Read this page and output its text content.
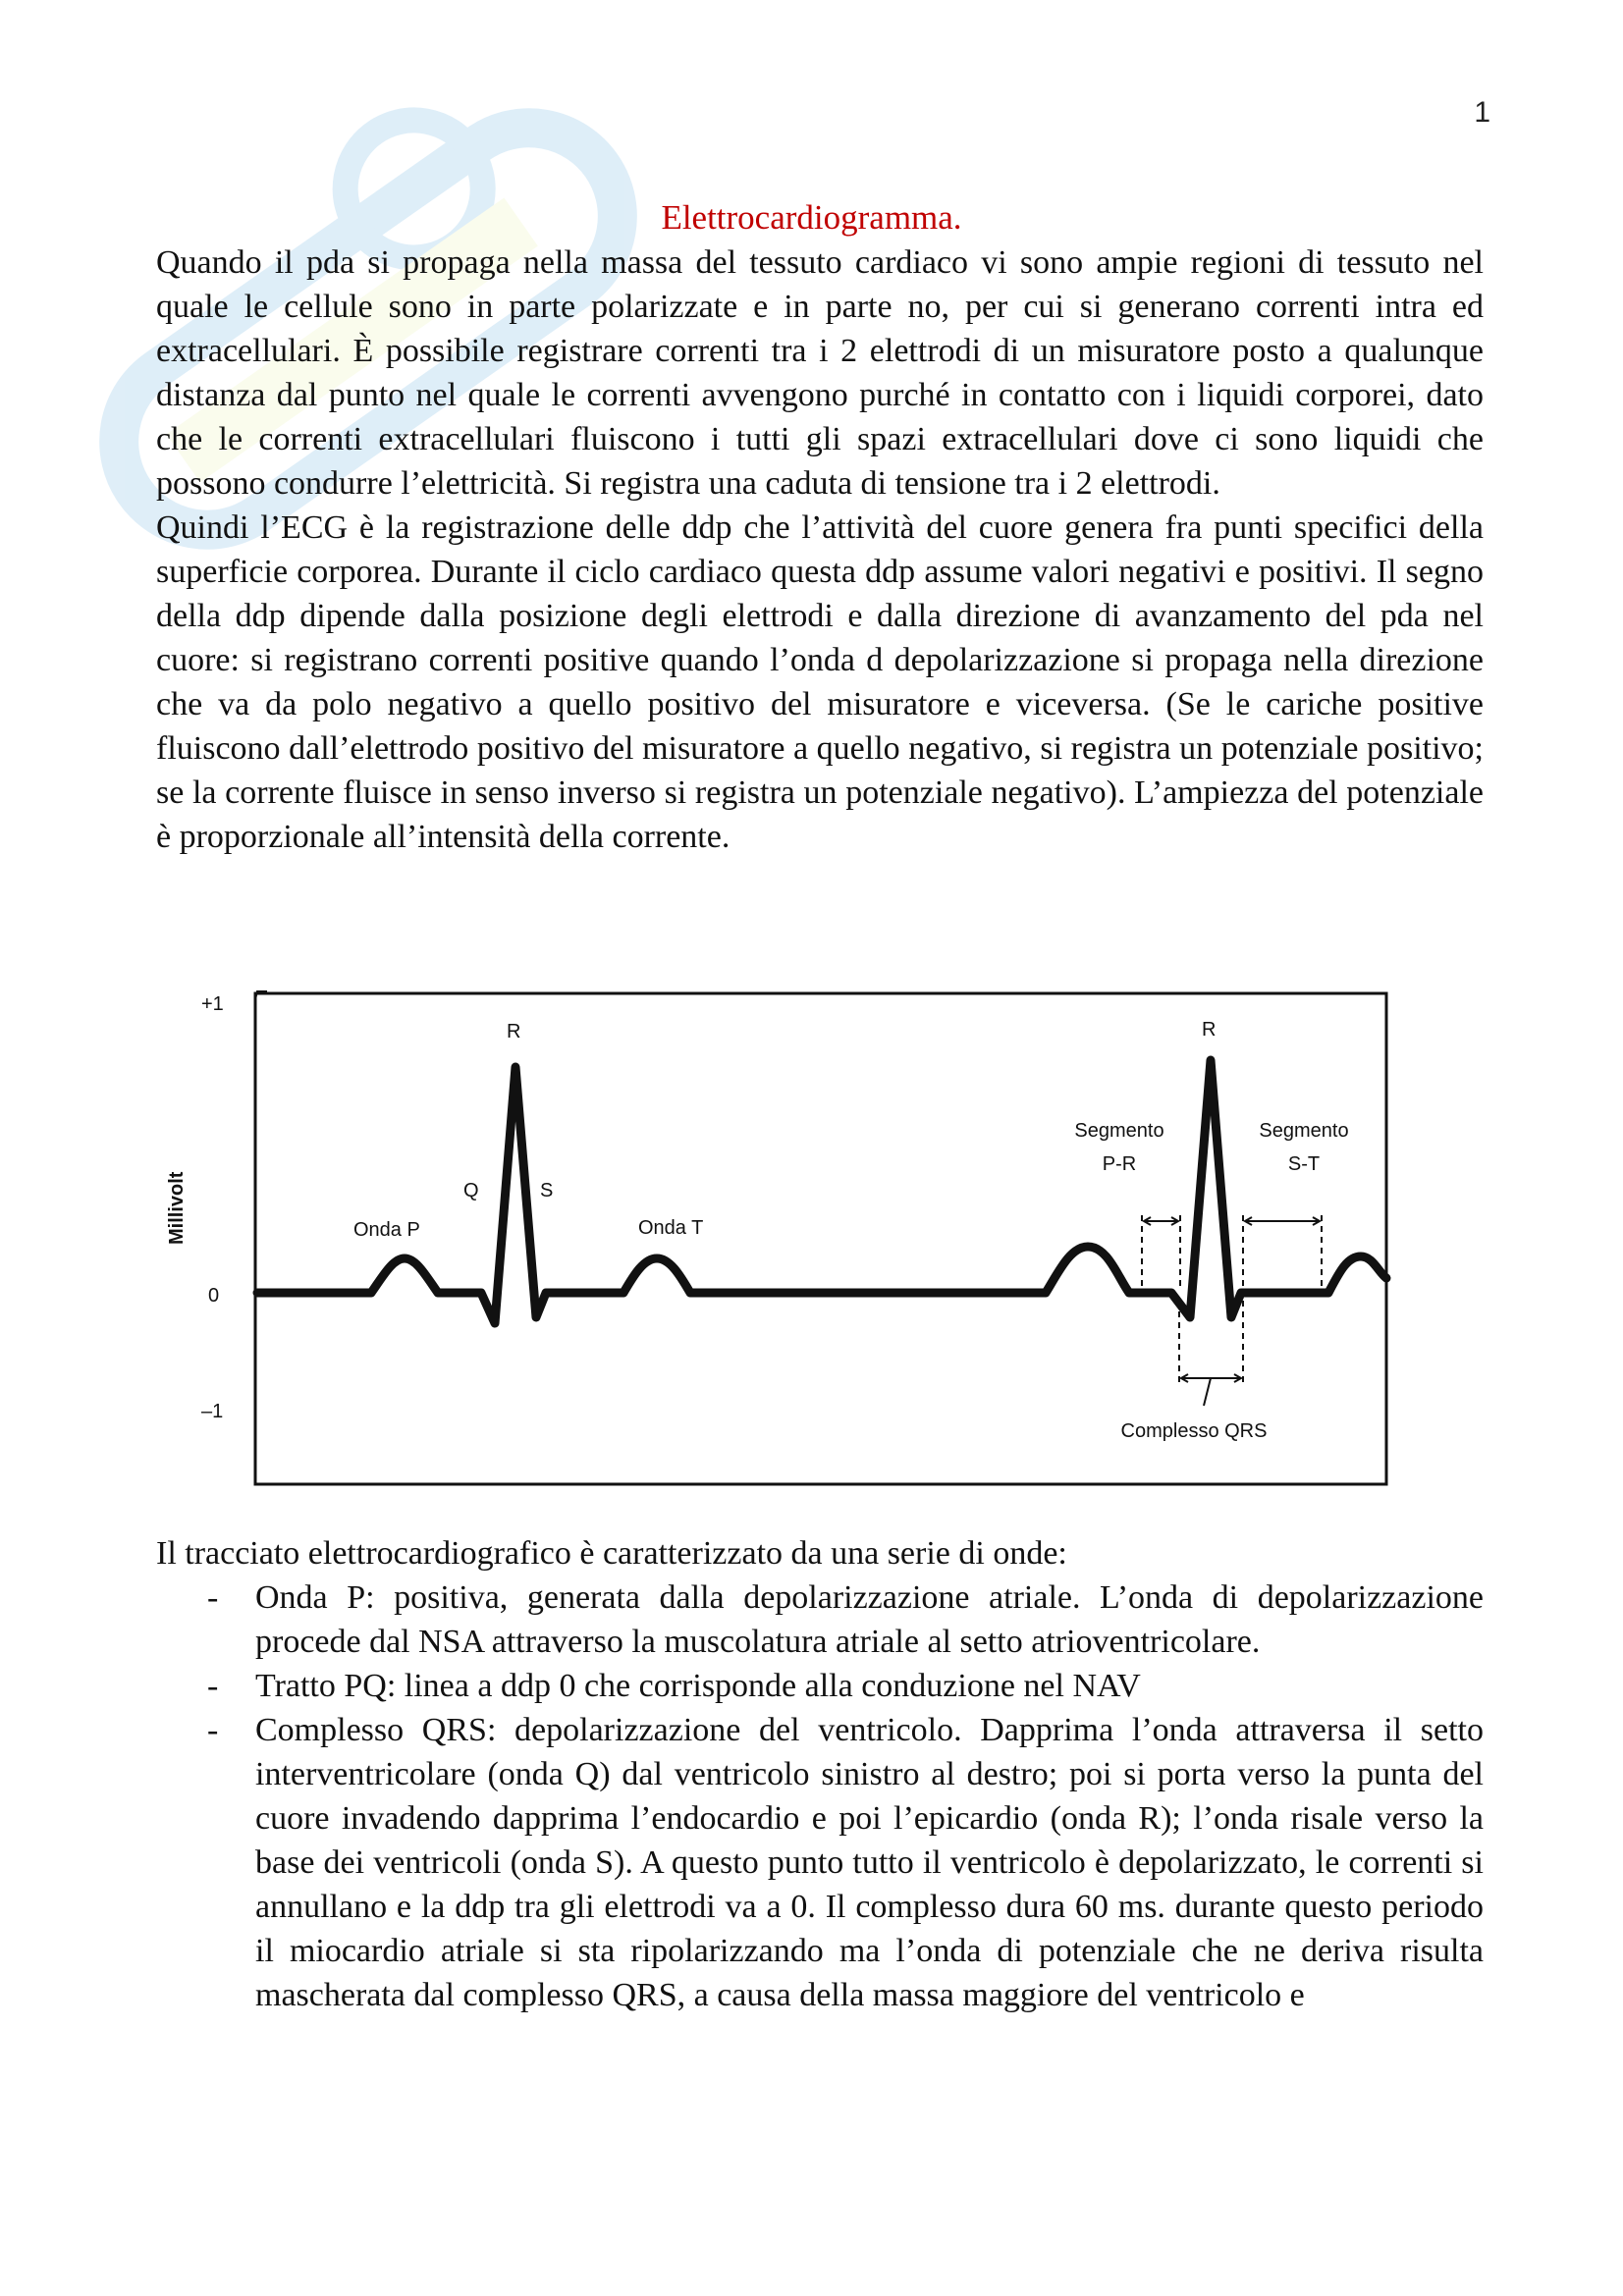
1
Elettrocardiogramma.

Quando il pda si propaga nella massa del tessuto cardiaco vi sono ampie regioni di tessuto nel quale le cellule sono in parte polarizzate e in parte no, per cui si generano correnti intra ed extracellulari. È possibile registrare correnti tra i 2 elettrodi di un misuratore posto a qualunque distanza dal punto nel quale le correnti avvengono purché in contatto con i liquidi corporei, dato che le correnti extracellulari fluiscono i tutti gli spazi extracellulari dove ci sono liquidi che possono condurre l’elettricità. Si registra una caduta di tensione tra i 2 elettrodi.

Quindi l’ECG è la registrazione delle ddp che l’attività del cuore genera fra punti specifici della superficie corporea. Durante il ciclo cardiaco questa ddp assume valori negativi e positivi. Il segno della ddp dipende dalla posizione degli elettrodi e dalla direzione di avanzamento del pda nel cuore: si registrano correnti positive quando l’onda d depolarizzazione si propaga nella direzione che va da polo negativo a quello positivo del misuratore e viceversa. (Se le cariche positive fluiscono dall’elettrodo positivo del misuratore a quello negativo, si registra un potenziale positivo; se la corrente fluisce in senso inverso si registra un potenziale negativo). L’ampiezza del potenziale è proporzionale all’intensità della corrente.

+1
0
–1
Millivolt
R
Q	S
Onda P	Onda T
R
Segmento
P-R
Segmento
S-T
Complesso QRS
Il tracciato elettrocardiografico è caratterizzato da una serie di onde:
- Onda P: positiva, generata dalla depolarizzazione atriale. L’onda di depolarizzazione procede dal NSA attraverso la muscolatura atriale al setto atrioventricolare.
- Tratto PQ: linea a ddp 0 che corrisponde alla conduzione nel NAV
- Complesso QRS: depolarizzazione del ventricolo. Dapprima l’onda attraversa il setto interventricolare (onda Q) dal ventricolo sinistro al destro; poi si porta verso la punta del cuore invadendo dapprima l’endocardio e poi l’epicardio (onda R); l’onda risale verso la base dei ventricoli (onda S). A questo punto tutto il ventricolo è depolarizzato, le correnti si annullano e la ddp tra gli elettrodi va a 0. Il complesso dura 60 ms. durante questo periodo il miocardio atriale si sta ripolarizzando ma l’onda di potenziale che ne deriva risulta mascherata dal complesso QRS, a causa della massa maggiore del ventricolo e
